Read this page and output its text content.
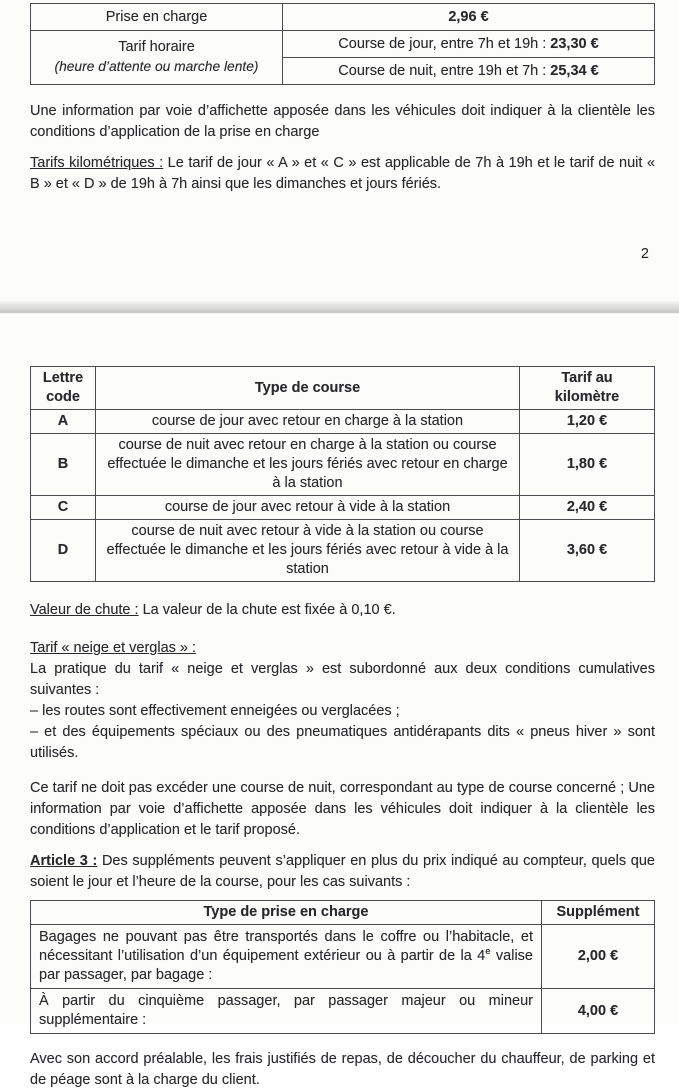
Prise en charge	2,96 €
Tarif horaire
(heure d’attente ou marche lente)	Course de jour, entre 7h et 19h : 23,30 €
	Course de nuit, entre 19h et 7h : 25,34 €

Une information par voie d’affichette apposée dans les véhicules doit indiquer à la clientèle les conditions d’application de la prise en charge

Tarifs kilométriques : Le tarif de jour « A » et « C » est applicable de 7h à 19h et le tarif de nuit « B » et « D » de 19h à 7h ainsi que les dimanches et jours fériés.

2

Lettre code	Type de course	Tarif au kilomètre
A	course de jour avec retour en charge à la station	1,20 €
B	course de nuit avec retour en charge à la station ou course effectuée le dimanche et les jours fériés avec retour en charge à la station	1,80 €
C	course de jour avec retour à vide à la station	2,40 €
D	course de nuit avec retour à vide à la station ou course effectuée le dimanche et les jours fériés avec retour à vide à la station	3,60 €

Valeur de chute : La valeur de la chute est fixée à 0,10 €.

Tarif « neige et verglas » :

La pratique du tarif « neige et verglas » est subordonné aux deux conditions cumulatives suivantes :

– les routes sont effectivement enneigées ou verglacées ;

– et des équipements spéciaux ou des pneumatiques antidérapants dits « pneus hiver » sont utilisés.

Ce tarif ne doit pas excéder une course de nuit, correspondant au type de course concerné ; Une information par voie d’affichette apposée dans les véhicules doit indiquer à la clientèle les conditions d’application et le tarif proposé.

Article 3 : Des suppléments peuvent s’appliquer en plus du prix indiqué au compteur, quels que soient le jour et l’heure de la course, pour les cas suivants :

Type de prise en charge	Supplément
Bagages ne pouvant pas être transportés dans le coffre ou l’habitacle, et nécessitant l’utilisation d’un équipement extérieur ou à partir de la 4e valise par passager, par bagage :	2,00 €
À partir du cinquième passager, par passager majeur ou mineur supplémentaire :	4,00 €

Avec son accord préalable, les frais justifiés de repas, de découcher du chauffeur, de parking et de péage sont à la charge du client.
